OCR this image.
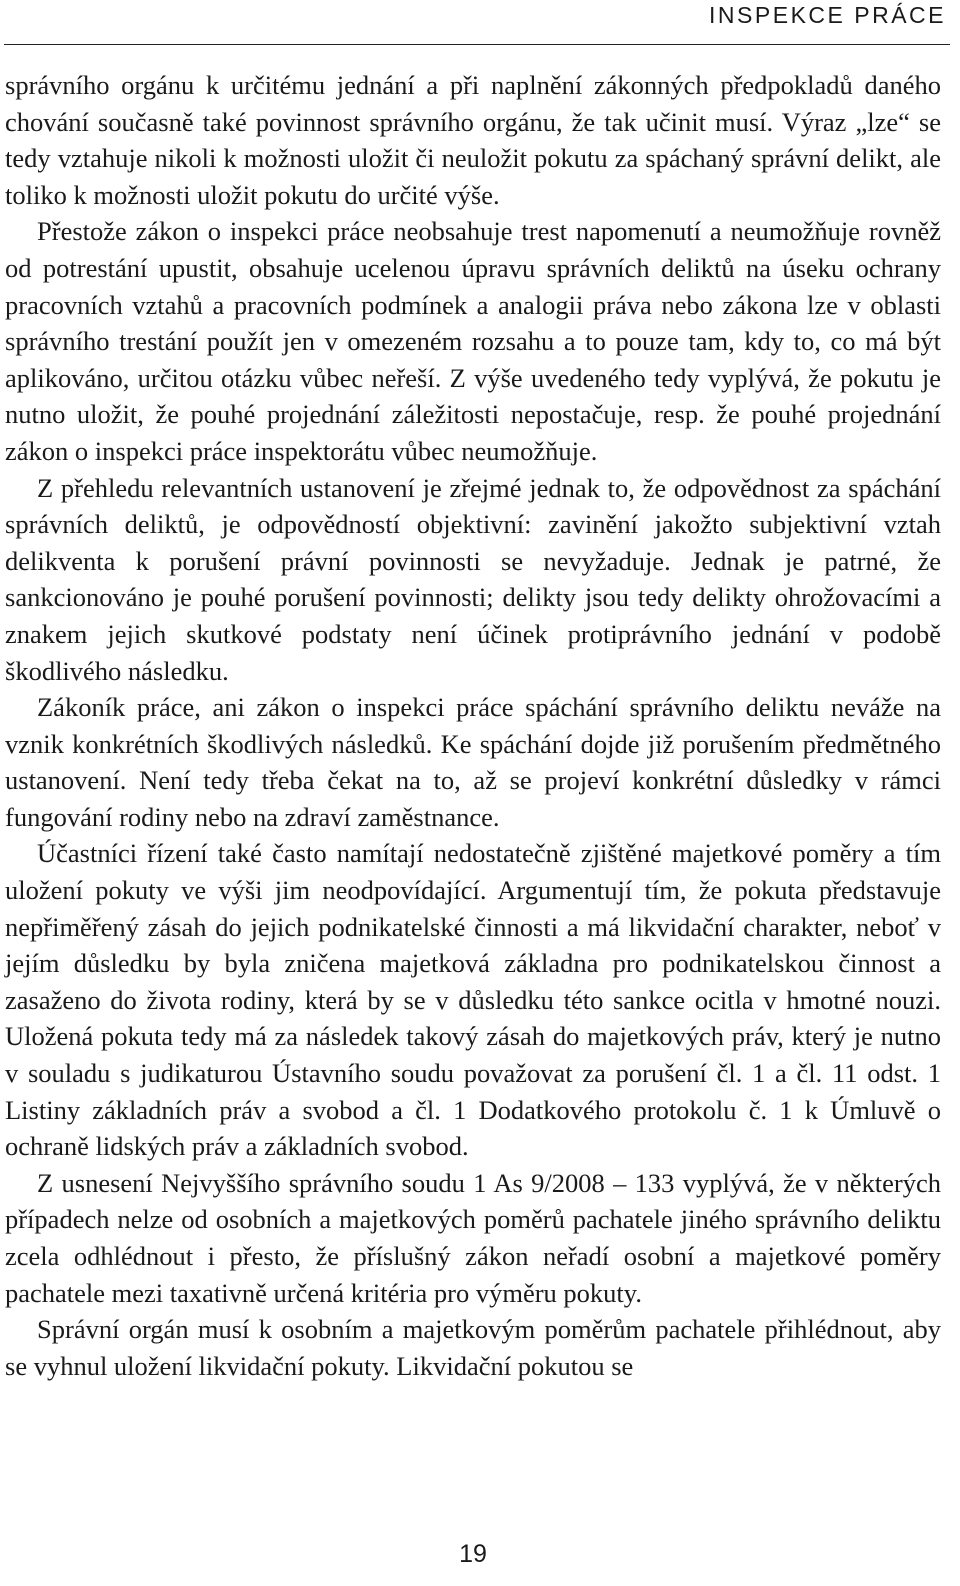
INSPEKCE PRÁCE

správního orgánu k určitému jednání a při naplnění zákonných předpokladů daného chování současně také povinnost správního orgánu, že tak učinit musí. Výraz „lze“ se tedy vztahuje nikoli k možnosti uložit či neuložit pokutu za spáchaný správní delikt, ale toliko k možnosti uložit pokutu do určité výše.

Přestože zákon o inspekci práce neobsahuje trest napomenutí a neumožňuje rovněž od potrestání upustit, obsahuje ucelenou úpravu správních deliktů na úseku ochrany pracovních vztahů a pracovních podmínek a analogii práva nebo zákona lze v oblasti správního trestání použít jen v omezeném rozsahu a to pouze tam, kdy to, co má být aplikováno, určitou otázku vůbec neřeší. Z výše uvedeného tedy vyplývá, že pokutu je nutno uložit, že pouhé projednání záležitosti nepostačuje, resp. že pouhé projednání zákon o inspekci práce inspektorátu vůbec neumožňuje.

Z přehledu relevantních ustanovení je zřejmé jednak to, že odpovědnost za spáchání správních deliktů, je odpovědností objektivní: zavinění jakožto subjektivní vztah delikventa k porušení právní povinnosti se nevyžaduje. Jednak je patrné, že sankcionováno je pouhé porušení povinnosti; delikty jsou tedy delikty ohrožovacími a znakem jejich skutkové podstaty není účinek protiprávního jednání v podobě škodlivého následku.

Zákoník práce, ani zákon o inspekci práce spáchání správního deliktu neváže na vznik konkrétních škodlivých následků. Ke spáchání dojde již porušením předmětného ustanovení. Není tedy třeba čekat na to, až se projeví konkrétní důsledky v rámci fungování rodiny nebo na zdraví zaměstnance.

Účastníci řízení také často namítají nedostatečně zjištěné majetkové poměry a tím uložení pokuty ve výši jim neodpovídající. Argumentují tím, že pokuta představuje nepřiměřený zásah do jejich podnikatelské činnosti a má likvidační charakter, neboť v jejím důsledku by byla zničena majetková základna pro podnikatelskou činnost a zasaženo do života rodiny, která by se v důsledku této sankce ocitla v hmotné nouzi. Uložená pokuta tedy má za následek takový zásah do majetkových práv, který je nutno v souladu s judikaturou Ústavního soudu považovat za porušení čl. 1 a čl. 11 odst. 1 Listiny základních práv a svobod a čl. 1 Dodatkového protokolu č. 1 k Úmluvě o ochraně lidských práv a základních svobod.

Z usnesení Nejvyššího správního soudu 1 As 9/2008 – 133 vyplývá, že v některých případech nelze od osobních a majetkových poměrů pachatele jiného správního deliktu zcela odhlédnout i přesto, že příslušný zákon neřadí osobní a majetkové poměry pachatele mezi taxativně určená kritéria pro výměru pokuty.

Správní orgán musí k osobním a majetkovým poměrům pachatele přihlédnout, aby se vyhnul uložení likvidační pokuty. Likvidační pokutou se

19
